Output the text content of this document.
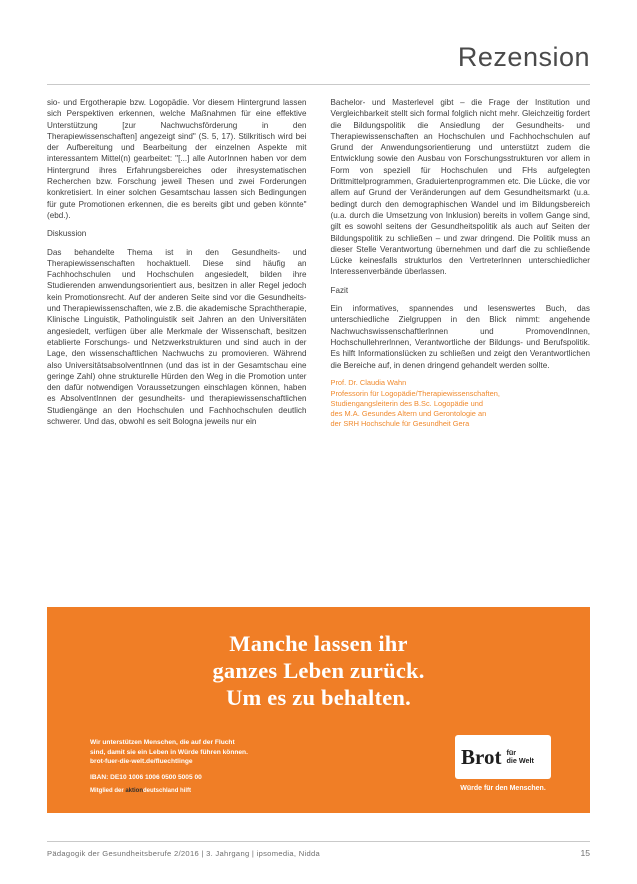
Rezension

sio- und Ergotherapie bzw. Logopädie. Vor diesem Hintergrund lassen sich Perspektiven erkennen, welche Maßnahmen für eine effektive Unterstützung [zur Nachwuchsförderung in den Therapiewissenschaften] angezeigt sind" (S. 5, 17). Stilkritisch wird bei der Aufbereitung und Bearbeitung der einzelnen Aspekte mit interessantem Mittel(n) gearbeitet: "[...] alle AutorInnen haben vor dem Hintergrund ihres Erfahrungsbereiches oder ihresystematischen Recherchen bzw. Forschung jeweil Thesen und zwei Forderungen konkretisiert. In einer solchen Gesamtschau lassen sich Bedingungen für gute Promotionen erkennen, die es bereits gibt und geben könnte" (ebd.).

Diskussion

Das behandelte Thema ist in den Gesundheits- und Therapiewissenschaften hochaktuell. Diese sind häufig an Fachhochschulen und Hochschulen angesiedelt, bilden ihre Studierenden anwendungsorientiert aus, besitzen in aller Regel jedoch kein Promotionsrecht. Auf der anderen Seite sind vor die Gesundheits- und Therapiewissenschaften, wie z.B. die akademische Sprachtherapie, Klinische Linguistik, Patholinguistik seit Jahren an den Universitäten angesiedelt, verfügen über alle Merkmale der Wissenschaft, besitzen etablierte Forschungs- und Netzwerkstrukturen und sind auch in der Lage, den wissenschaftlichen Nachwuchs zu promovieren. Während also UniversitätsabsolventInnen (und das ist in der Gesamtschau eine geringe Zahl) ohne strukturelle Hürden den Weg in die Promotion unter den dafür notwendigen Voraussetzungen einschlagen können, haben es AbsolventInnen der gesundheits- und therapiewissenschaftlichen Studiengänge an den Hochschulen und Fachhochschulen deutlich schwerer. Und das, obwohl es seit Bologna jeweils nur ein

Bachelor- und Masterlevel gibt – die Frage der Institution und Vergleichbarkeit stellt sich formal folglich nicht mehr. Gleichzeitig fordert die Bildungspolitik die Ansiedlung der Gesundheits- und Therapiewissenschaften an Hochschulen und Fachhochschulen auf Grund der Anwendungsorientierung und unterstützt zudem die Entwicklung sowie den Ausbau von Forschungsstrukturen vor allem in Form von speziell für Hochschulen und FHs aufgelegten Drittmittelprogrammen, Graduiertenprogrammen etc. Die Lücke, die vor allem auf Grund der Veränderungen auf dem Gesundheitsmarkt (u.a. bedingt durch den demographischen Wandel und im Bildungsbereich (u.a. durch die Umsetzung von Inklusion) bereits in vollem Gange sind, gilt es sowohl seitens der Gesundheitspolitik als auch auf Seiten der Bildungspolitik zu schließen – und zwar dringend. Die Politik muss an dieser Stelle Verantwortung übernehmen und darf die zu schließende Lücke keinesfalls strukturlos den VertreterInnen unterschiedlicher Interessenverbände überlassen.

Fazit

Ein informatives, spannendes und lesenswertes Buch, das unterschiedliche Zielgruppen in den Blick nimmt: angehende Nachwuchswissenschaftlerlnnen und PromovendInnen, Hochschullehrerlnnen, Verantwortliche der Bildungs- und Berufspolitik. Es hilft Informationslücken zu schließen und zeigt den Verantwortlichen die Bereiche auf, in denen dringend gehandelt werden sollte.

Prof. Dr. Claudia Wahn

Professorin für Logopädie/Therapiewissenschaften,

Studiengangsleiterin des B.Sc. Logopädie und

des M.A. Gesundes Altern und Gerontologie an

der SRH Hochschule für Gesundheit Gera

Manche lassen ihr
ganzes Leben zurück.
Um es zu behalten.
Wir unterstützen Menschen, die auf der Flucht
sind, damit sie ein Leben in Würde führen können.
brot-fuer-die-welt.de/fluechtlinge
IBAN: DE10 1006 1006 0500 5005 00
Mitglied der aktiondeutschland hilft
Brot für
die Welt
Würde für den Menschen.
Pädagogik der Gesundheitsberufe 2/2016 | 3. Jahrgang | ipsomedia, Nidda	15
